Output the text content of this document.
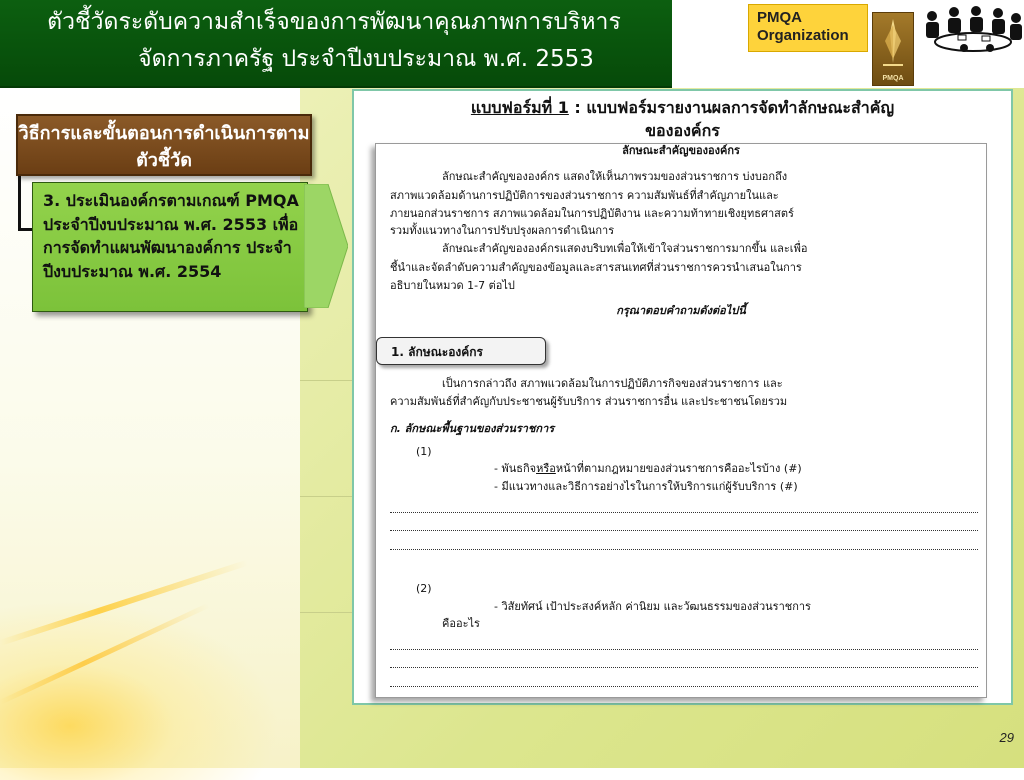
ตัวชี้วัดระดับความสำเร็จของการพัฒนาคุณภาพการบริหาร
จัดการภาครัฐ ประจำปีงบประมาณ พ.ศ. 2553
PMQA
Organization
PMQA
วิธีการและขั้นตอนการดำเนินการตามตัวชี้วัด
3. ประเมินองค์กรตามเกณฑ์ PMQA ประจำปีงบประมาณ พ.ศ. 2553 เพื่อการจัดทำแผนพัฒนาองค์การ ประจำปีงบประมาณ พ.ศ. 2554
แบบฟอร์มที่ 1 : แบบฟอร์มรายงานผลการจัดทำลักษณะสำคัญ
ขององค์กร
ลักษณะสำคัญขององค์กร
ลักษณะสำคัญขององค์กร แสดงให้เห็นภาพรวมของส่วนราชการ บ่งบอกถึง
สภาพแวดล้อมด้านการปฏิบัติการของส่วนราชการ ความสัมพันธ์ที่สำคัญภายในและ
ภายนอกส่วนราชการ สภาพแวดล้อมในการปฏิบัติงาน และความท้าทายเชิงยุทธศาสตร์
รวมทั้งแนวทางในการปรับปรุงผลการดำเนินการ
ลักษณะสำคัญขององค์กรแสดงบริบทเพื่อให้เข้าใจส่วนราชการมากขึ้น และเพื่อ
ชี้นำและจัดลำดับความสำคัญของข้อมูลและสารสนเทศที่ส่วนราชการควรนำเสนอในการ
อธิบายในหมวด 1-7 ต่อไป
กรุณาตอบคำถามดังต่อไปนี้
1. ลักษณะองค์กร
เป็นการกล่าวถึง สภาพแวดล้อมในการปฏิบัติภารกิจของส่วนราชการ และ
ความสัมพันธ์ที่สำคัญกับประชาชนผู้รับบริการ ส่วนราชการอื่น และประชาชนโดยรวม
ก. ลักษณะพื้นฐานของส่วนราชการ
(1)
- พันธกิจหรือหน้าที่ตามกฎหมายของส่วนราชการคืออะไรบ้าง (#)
- มีแนวทางและวิธีการอย่างไรในการให้บริการแก่ผู้รับบริการ (#)
(2)
- วิสัยทัศน์ เป้าประสงค์หลัก ค่านิยม และวัฒนธรรมของส่วนราชการ
คืออะไร
29
